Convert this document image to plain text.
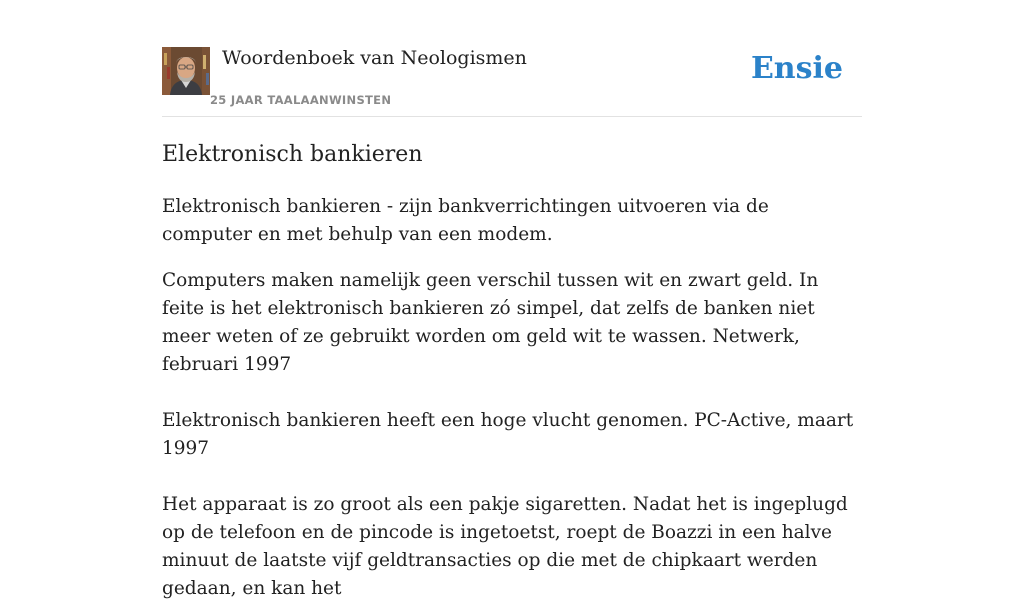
Woordenboek van Neologismen
25 JAAR TAALAANWINSTEN
Ensie
Elektronisch bankieren

Elektronisch bankieren - zijn bankverrichtingen uitvoeren via de computer en met behulp van een modem.

Computers maken namelijk geen verschil tussen wit en zwart geld. In feite is het elektronisch bankieren zó simpel, dat zelfs de banken niet meer weten of ze gebruikt worden om geld wit te wassen. Netwerk, februari 1997

Elektronisch bankieren heeft een hoge vlucht genomen. PC-Active, maart 1997

Het apparaat is zo groot als een pakje sigaretten. Nadat het is ingeplugd op de telefoon en de pincode is ingetoetst, roept de Boazzi in een halve minuut de laatste vijf geldtransacties op die met de chipkaart werden gedaan, en kan het
